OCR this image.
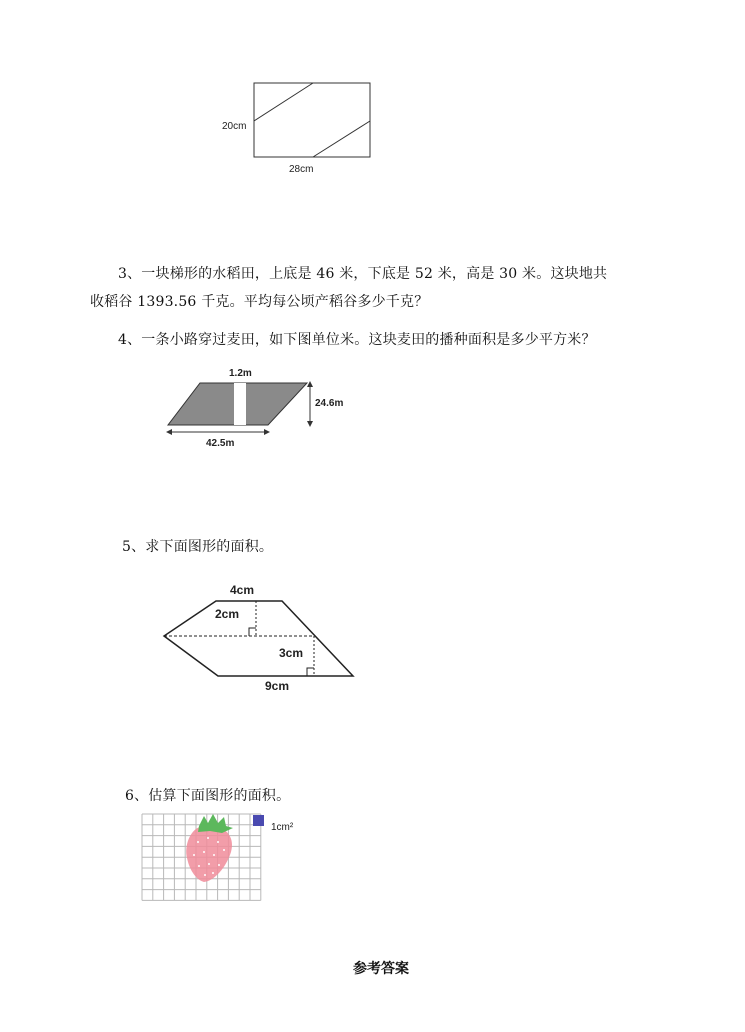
20cm
28cm
3、一块梯形的水稻田，上底是 46 米，下底是 52 米，高是 30 米。这块地共
收稻谷 1393.56 千克。平均每公顷产稻谷多少千克？
4、一条小路穿过麦田，如下图单位米。这块麦田的播种面积是多少平方米？
1.2m
24.6m
42.5m
5、求下面图形的面积。
4cm
2cm
3cm
9cm
6、估算下面图形的面积。
1cm²
参考答案
